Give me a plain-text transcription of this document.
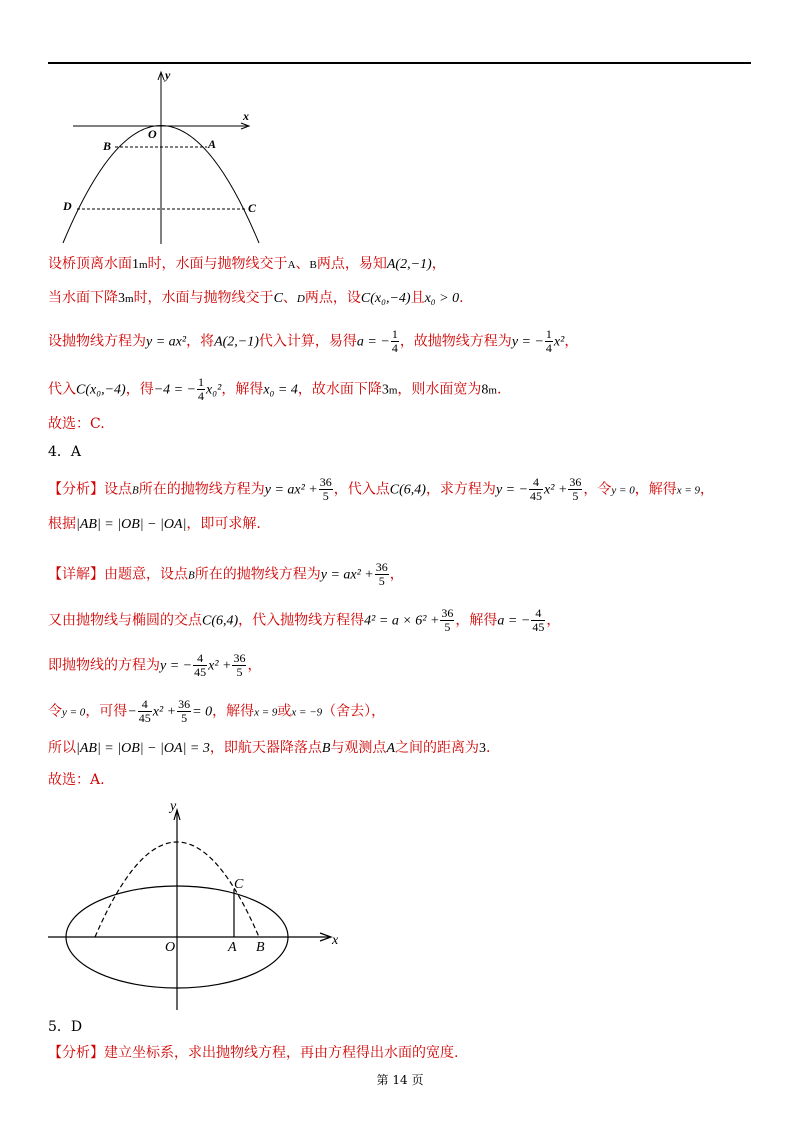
y
x
O
A
B
C
D
设桥顶离水面1m时，水面与抛物线交于A、B两点，易知A(2,−1)，
当水面下降3m时，水面与抛物线交于C、D两点，设C(x₀,−4)且x₀ > 0.
设抛物线方程为y = ax²，将A(2,−1)代入计算，易得a = − $\frac{1}{4}$ ，故抛物线方程为y = − $\frac{1}{4} x^2$，
代入C(x₀,−4)，得−4 = − $\frac{1}{4} x_0^2$，解得x₀ = 4，故水面下降3m，则水面宽为8m.
故选：C.
4．A
【分析】设点B所在的抛物线方程为$y = ax^2 + \frac{36}{5}$ ，代入点C(6,4)，求方程为y = − $\frac{4}{45} x^2 + \frac{36}{5}$ ，令y = 0，解得x = 9，
根据|AB| = |OB| − |OA|，即可求解.
【详解】由题意，设点B所在的抛物线方程为$y = ax^2 + \frac{36}{5}$ ，
又由抛物线与椭圆的交点C(6,4)，代入抛物线方程得$4^2 = a \times 6^2 + \frac{36}{5}$ ，解得a = − $\frac{4}{45}$ ，
即抛物线的方程为y = − $\frac{4}{45} x^2 + \frac{36}{5}$ ，
令y = 0，可得− $\frac{4}{45} x^2 + \frac{36}{5} = 0$，解得x = 9或x = −9（舍去），
所以|AB| = |OB| − |OA| = 3，即航天器降落点B与观测点A之间的距离为3.
故选：A.
y
x
O	A B
C
5．D
【分析】建立坐标系，求出抛物线方程，再由方程得出水面的宽度.
第 14 页
